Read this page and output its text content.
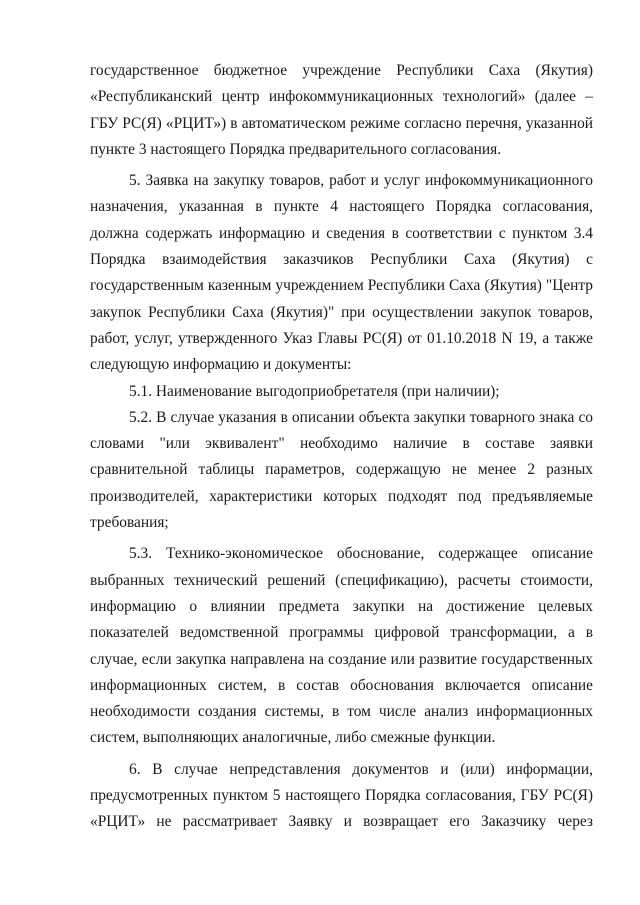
государственное бюджетное учреждение Республики Саха (Якутия)
«Республиканский центр инфокоммуникационных технологий» (далее –
ГБУ РС(Я) «РЦИТ») в автоматическом режиме согласно перечня, указанной
пункте 3 настоящего Порядка предварительного согласования.
5. Заявка на закупку товаров, работ и услуг инфокоммуникационного
назначения, указанная в пункте 4 настоящего Порядка согласования,
должна содержать информацию и сведения в соответствии с пунктом 3.4
Порядка взаимодействия заказчиков Республики Саха (Якутия) с
государственным казенным учреждением Республики Саха (Якутия) "Центр
закупок Республики Саха (Якутия)" при осуществлении закупок товаров,
работ, услуг, утвержденного Указ Главы РС(Я) от 01.10.2018 N 19, а также
следующую информацию и документы:
5.1. Наименование выгодоприобретателя (при наличии);
5.2. В случае указания в описании объекта закупки товарного знака со
словами "или эквивалент" необходимо наличие в составе заявки
сравнительной таблицы параметров, содержащую не менее 2 разных
производителей, характеристики которых подходят под предъявляемые
требования;
5.3. Технико-экономическое обоснование, содержащее описание
выбранных технический решений (спецификацию), расчеты стоимости,
информацию о влиянии предмета закупки на достижение целевых
показателей ведомственной программы цифровой трансформации, а в
случае, если закупка направлена на создание или развитие государственных
информационных систем, в состав обоснования включается описание
необходимости создания системы, в том числе анализ информационных
систем, выполняющих аналогичные, либо смежные функции.
6. В случае непредставления документов и (или) информации,
предусмотренных пунктом 5 настоящего Порядка согласования, ГБУ РС(Я)
«РЦИТ» не рассматривает Заявку и возвращает его Заказчику через
